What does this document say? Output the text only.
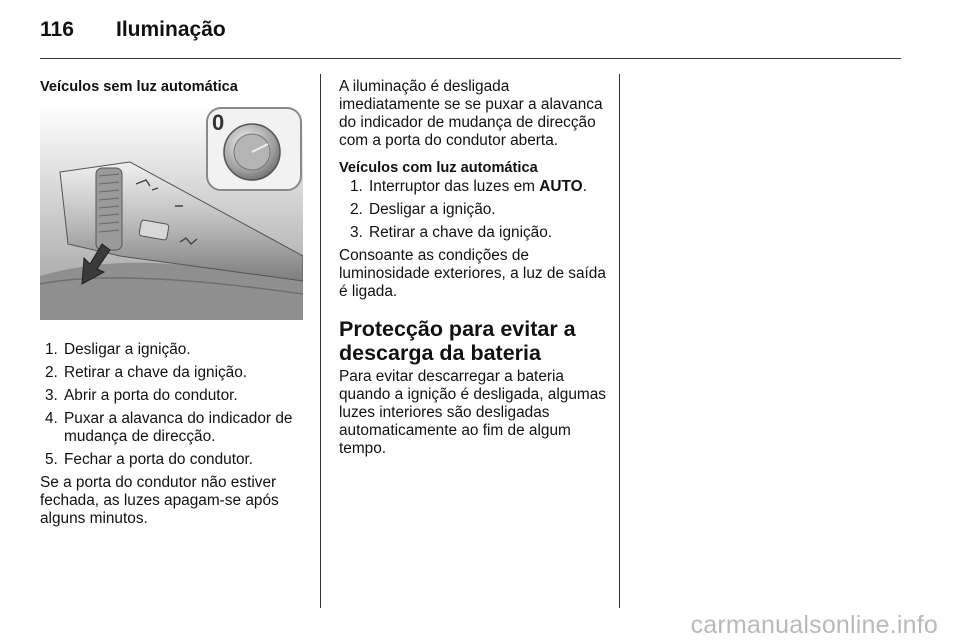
116 Iluminação
Veículos sem luz automática
0
1. Desligar a ignição.
2. Retirar a chave da ignição.
3. Abrir a porta do condutor.
4. Puxar a alavanca do indicador de mudança de direcção.
5. Fechar a porta do condutor.

Se a porta do condutor não estiver fechada, as luzes apagam-se após alguns minutos.

A iluminação é desligada imediatamente se se puxar a alavanca do indicador de mudança de direcção com a porta do condutor aberta.

Veículos com luz automática
1. Interruptor das luzes em AUTO.
2. Desligar a ignição.
3. Retirar a chave da ignição.

Consoante as condições de luminosidade exteriores, a luz de saída é ligada.

Protecção para evitar a descarga da bateria

Para evitar descarregar a bateria quando a ignição é desligada, algumas luzes interiores são desligadas automaticamente ao fim de algum tempo.

carmanualsonline.info
